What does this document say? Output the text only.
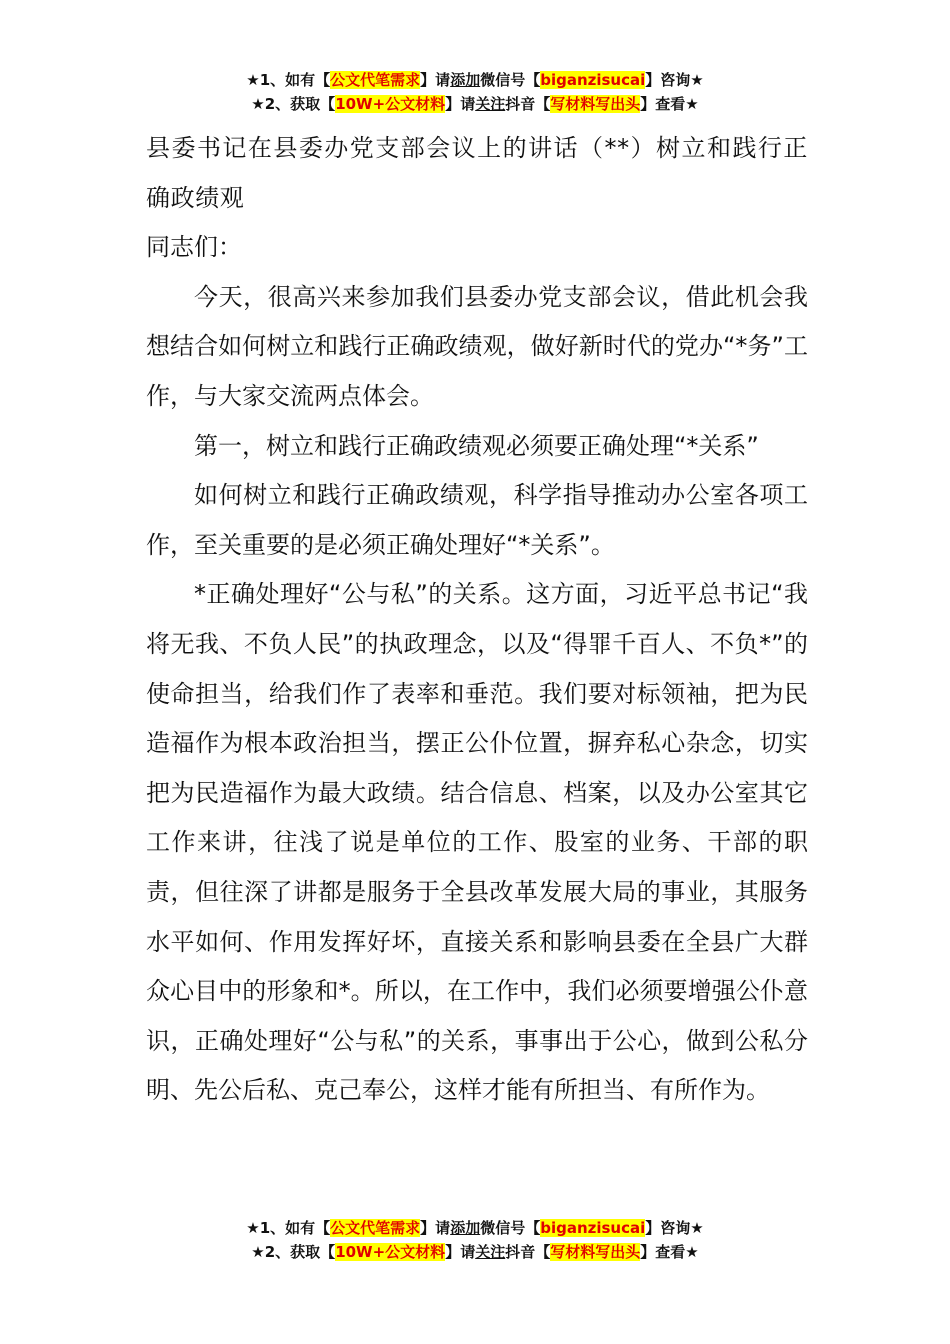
★1、如有【公文代笔需求】请添加微信号【biganzisucai】咨询★
★2、获取【10W+公文材料】请关注抖音【写材料写出头】查看★

县委书记在县委办党支部会议上的讲话（**）树立和践行正确政绩观

同志们：

今天，很高兴来参加我们县委办党支部会议，借此机会我想结合如何树立和践行正确政绩观，做好新时代的党办“*务”工作，与大家交流两点体会。

第一，树立和践行正确政绩观必须要正确处理“*关系”

如何树立和践行正确政绩观，科学指导推动办公室各项工作，至关重要的是必须正确处理好“*关系”。

*正确处理好“公与私”的关系。这方面，习近平总书记“我将无我、不负人民”的执政理念，以及“得罪千百人、不负*”的使命担当，给我们作了表率和垂范。我们要对标领袖，把为民造福作为根本政治担当，摆正公仆位置，摒弃私心杂念，切实把为民造福作为最大政绩。结合信息、档案，以及办公室其它工作来讲，往浅了说是单位的工作、股室的业务、干部的职责，但往深了讲都是服务于全县改革发展大局的事业，其服务水平如何、作用发挥好坏，直接关系和影响县委在全县广大群众心目中的形象和*。所以，在工作中，我们必须要增强公仆意识，正确处理好“公与私”的关系，事事出于公心，做到公私分明、先公后私、克己奉公，这样才能有所担当、有所作为。

★1、如有【公文代笔需求】请添加微信号【biganzisucai】咨询★
★2、获取【10W+公文材料】请关注抖音【写材料写出头】查看★
